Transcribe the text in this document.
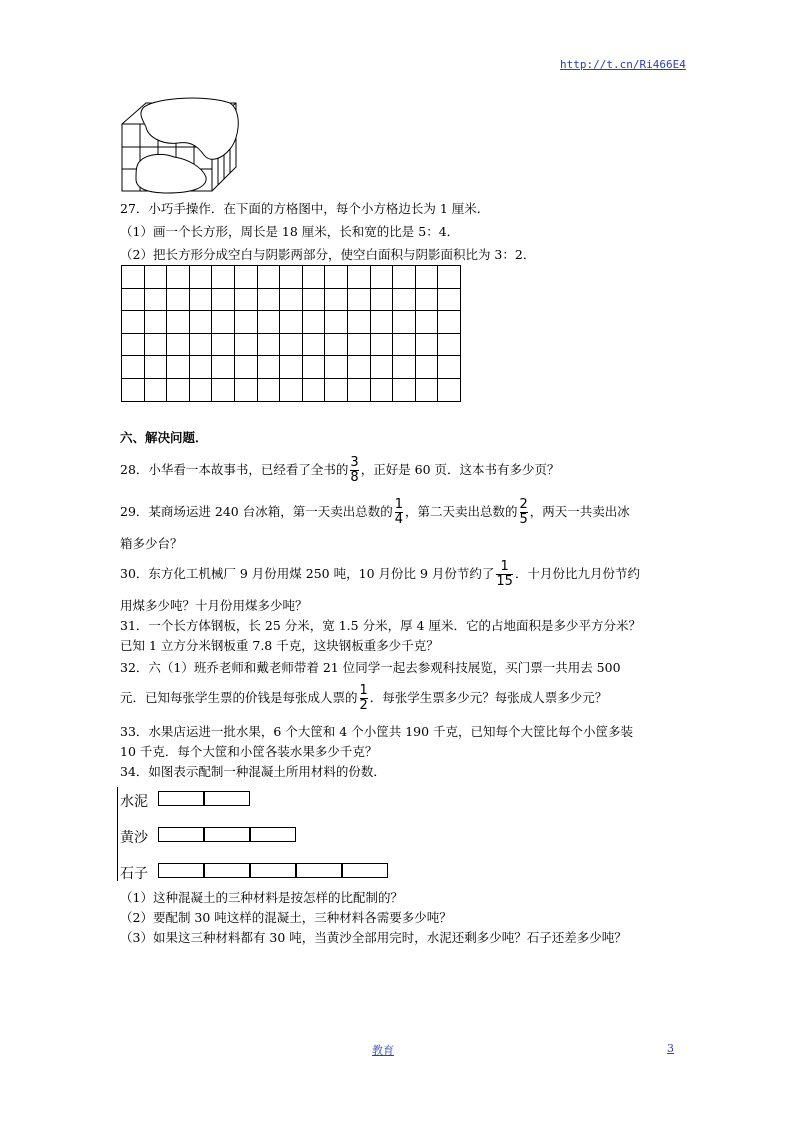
http://t.cn/Ri466E4
27．小巧手操作．在下面的方格图中，每个小方格边长为 1 厘米．
（1）画一个长方形，周长是 18 厘米，长和宽的比是 5：4．
（2）把长方形分成空白与阴影两部分，使空白面积与阴影面积比为 3：2．

六、解决问题．
28．小华看一本故事书，已经看了全书的 $\frac{3}{8}$ ，正好是 60 页．这本书有多少页？
29．某商场运进 240 台冰箱，第一天卖出总数的 $\frac{1}{4}$ ，第二天卖出总数的 $\frac{2}{5}$ ，两天一共卖出冰
箱多少台？
30．东方化工机械厂 9 月份用煤 250 吨，10 月份比 9 月份节约了 $\frac{1}{15}$ ．十月份比九月份节约
用煤多少吨？十月份用煤多少吨？
31．一个长方体钢板，长 25 分米，宽 1.5 分米，厚 4 厘米．它的占地面积是多少平方分米？
已知 1 立方分米钢板重 7.8 千克，这块钢板重多少千克？
32．六（1）班乔老师和戴老师带着 21 位同学一起去参观科技展览，买门票一共用去 500
元．已知每张学生票的价钱是每张成人票的 $\frac{1}{2}$ ．每张学生票多少元？每张成人票多少元？
33．水果店运进一批水果，6 个大筐和 4 个小筐共 190 千克，已知每个大筐比每个小筐多装
10 千克．每个大筐和小筐各装水果多少千克？
34．如图表示配制一种混凝土所用材料的份数．
水泥
黄沙
石子
（1）这种混凝土的三种材料是按怎样的比配制的？
（2）要配制 30 吨这样的混凝土，三种材料各需要多少吨？
（3）如果这三种材料都有 30 吨，当黄沙全部用完时，水泥还剩多少吨？石子还差多少吨？
教育	3
